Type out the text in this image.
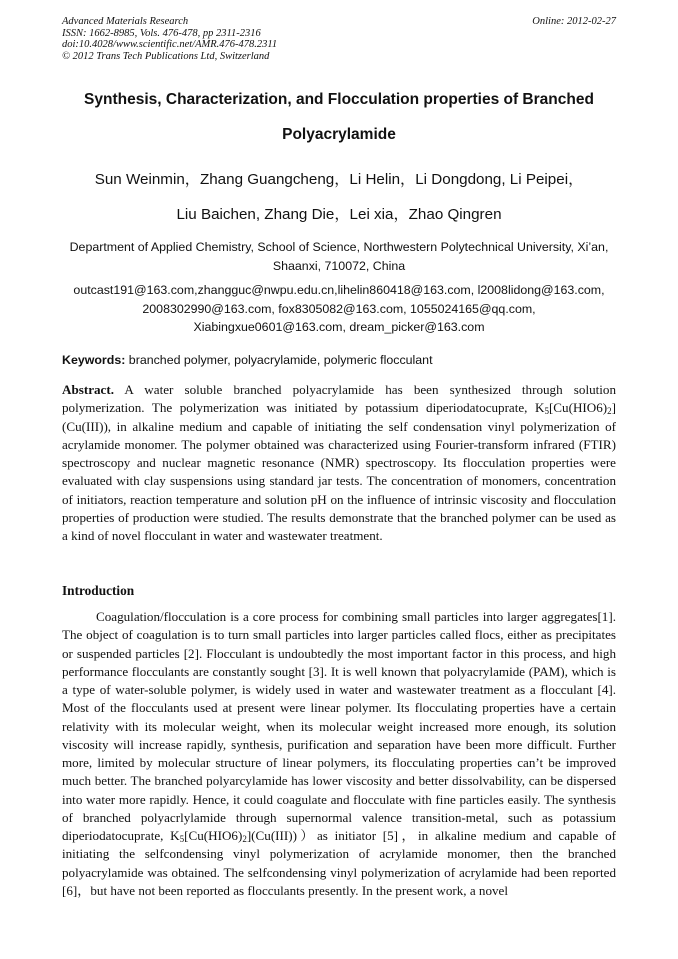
Advanced Materials Research
ISSN: 1662-8985, Vols. 476-478, pp 2311-2316
doi:10.4028/www.scientific.net/AMR.476-478.2311
© 2012 Trans Tech Publications Ltd, Switzerland
Online: 2012-02-27
Synthesis, Characterization, and Flocculation properties of Branched
Polyacrylamide
Sun Weinmin，Zhang Guangcheng，Li Helin，Li Dongdong, Li Peipei，
Liu Baichen, Zhang Die，Lei xia，Zhao Qingren
Department of Applied Chemistry, School of Science, Northwestern Polytechnical University, Xi’an,
Shaanxi, 710072, China
outcast191@163.com,zhangguc@nwpu.edu.cn,lihelin860418@163.com, l2008lidong@163.com,
2008302990@163.com, fox8305082@163.com, 1055024165@qq.com,
Xiabingxue0601@163.com, dream_picker@163.com
Keywords: branched polymer, polyacrylamide, polymeric flocculant
Abstract. A water soluble branched polyacrylamide has been synthesized through solution polymerization. The polymerization was initiated by potassium diperiodatocuprate, $K_5[Cu(HIO6)_2](Cu(III))$, in alkaline medium and capable of initiating the self condensation vinyl polymerization of acrylamide monomer. The polymer obtained was characterized using Fourier-transform infrared (FTIR) spectroscopy and nuclear magnetic resonance (NMR) spectroscopy. Its flocculation properties were evaluated with clay suspensions using standard jar tests. The concentration of monomers, concentration of initiators, reaction temperature and solution pH on the influence of intrinsic viscosity and flocculation properties of production were studied. The results demonstrate that the branched polymer can be used as a kind of novel flocculant in water and wastewater treatment.
Introduction
Coagulation/flocculation is a core process for combining small particles into larger aggregates[1]. The object of coagulation is to turn small particles into larger particles called flocs, either as precipitates or suspended particles [2]. Flocculant is undoubtedly the most important factor in this process, and high performance flocculants are constantly sought [3]. It is well known that polyacrylamide (PAM), which is a type of water-soluble polymer, is widely used in water and wastewater treatment as a flocculant [4]. Most of the flocculants used at present were linear polymer. Its flocculating properties have a certain relativity with its molecular weight, when its molecular weight increased more enough, its solution viscosity will increase rapidly, synthesis, purification and separation have been more difficult. Further more, limited by molecular structure of linear polymers, its flocculating properties can’t be improved much better. The branched polyarcylamide has lower viscosity and better dissolvability, can be dispersed into water more rapidly. Hence, it could coagulate and flocculate with fine particles easily. The synthesis of branched polyacrlylamide through supernormal valence transition-metal, such as potassium diperiodatocuprate, $K_5[Cu(HIO6)_2](Cu(III)))as$ initiator [5]，in alkaline medium and capable of initiating the selfcondensing vinyl polymerization of acrylamide monomer, then the branched polyacrylamide was obtained. The selfcondensing vinyl polymerization of acrylamide had been reported [6]，but have not been reported as flocculants presently. In the present work, a novel
